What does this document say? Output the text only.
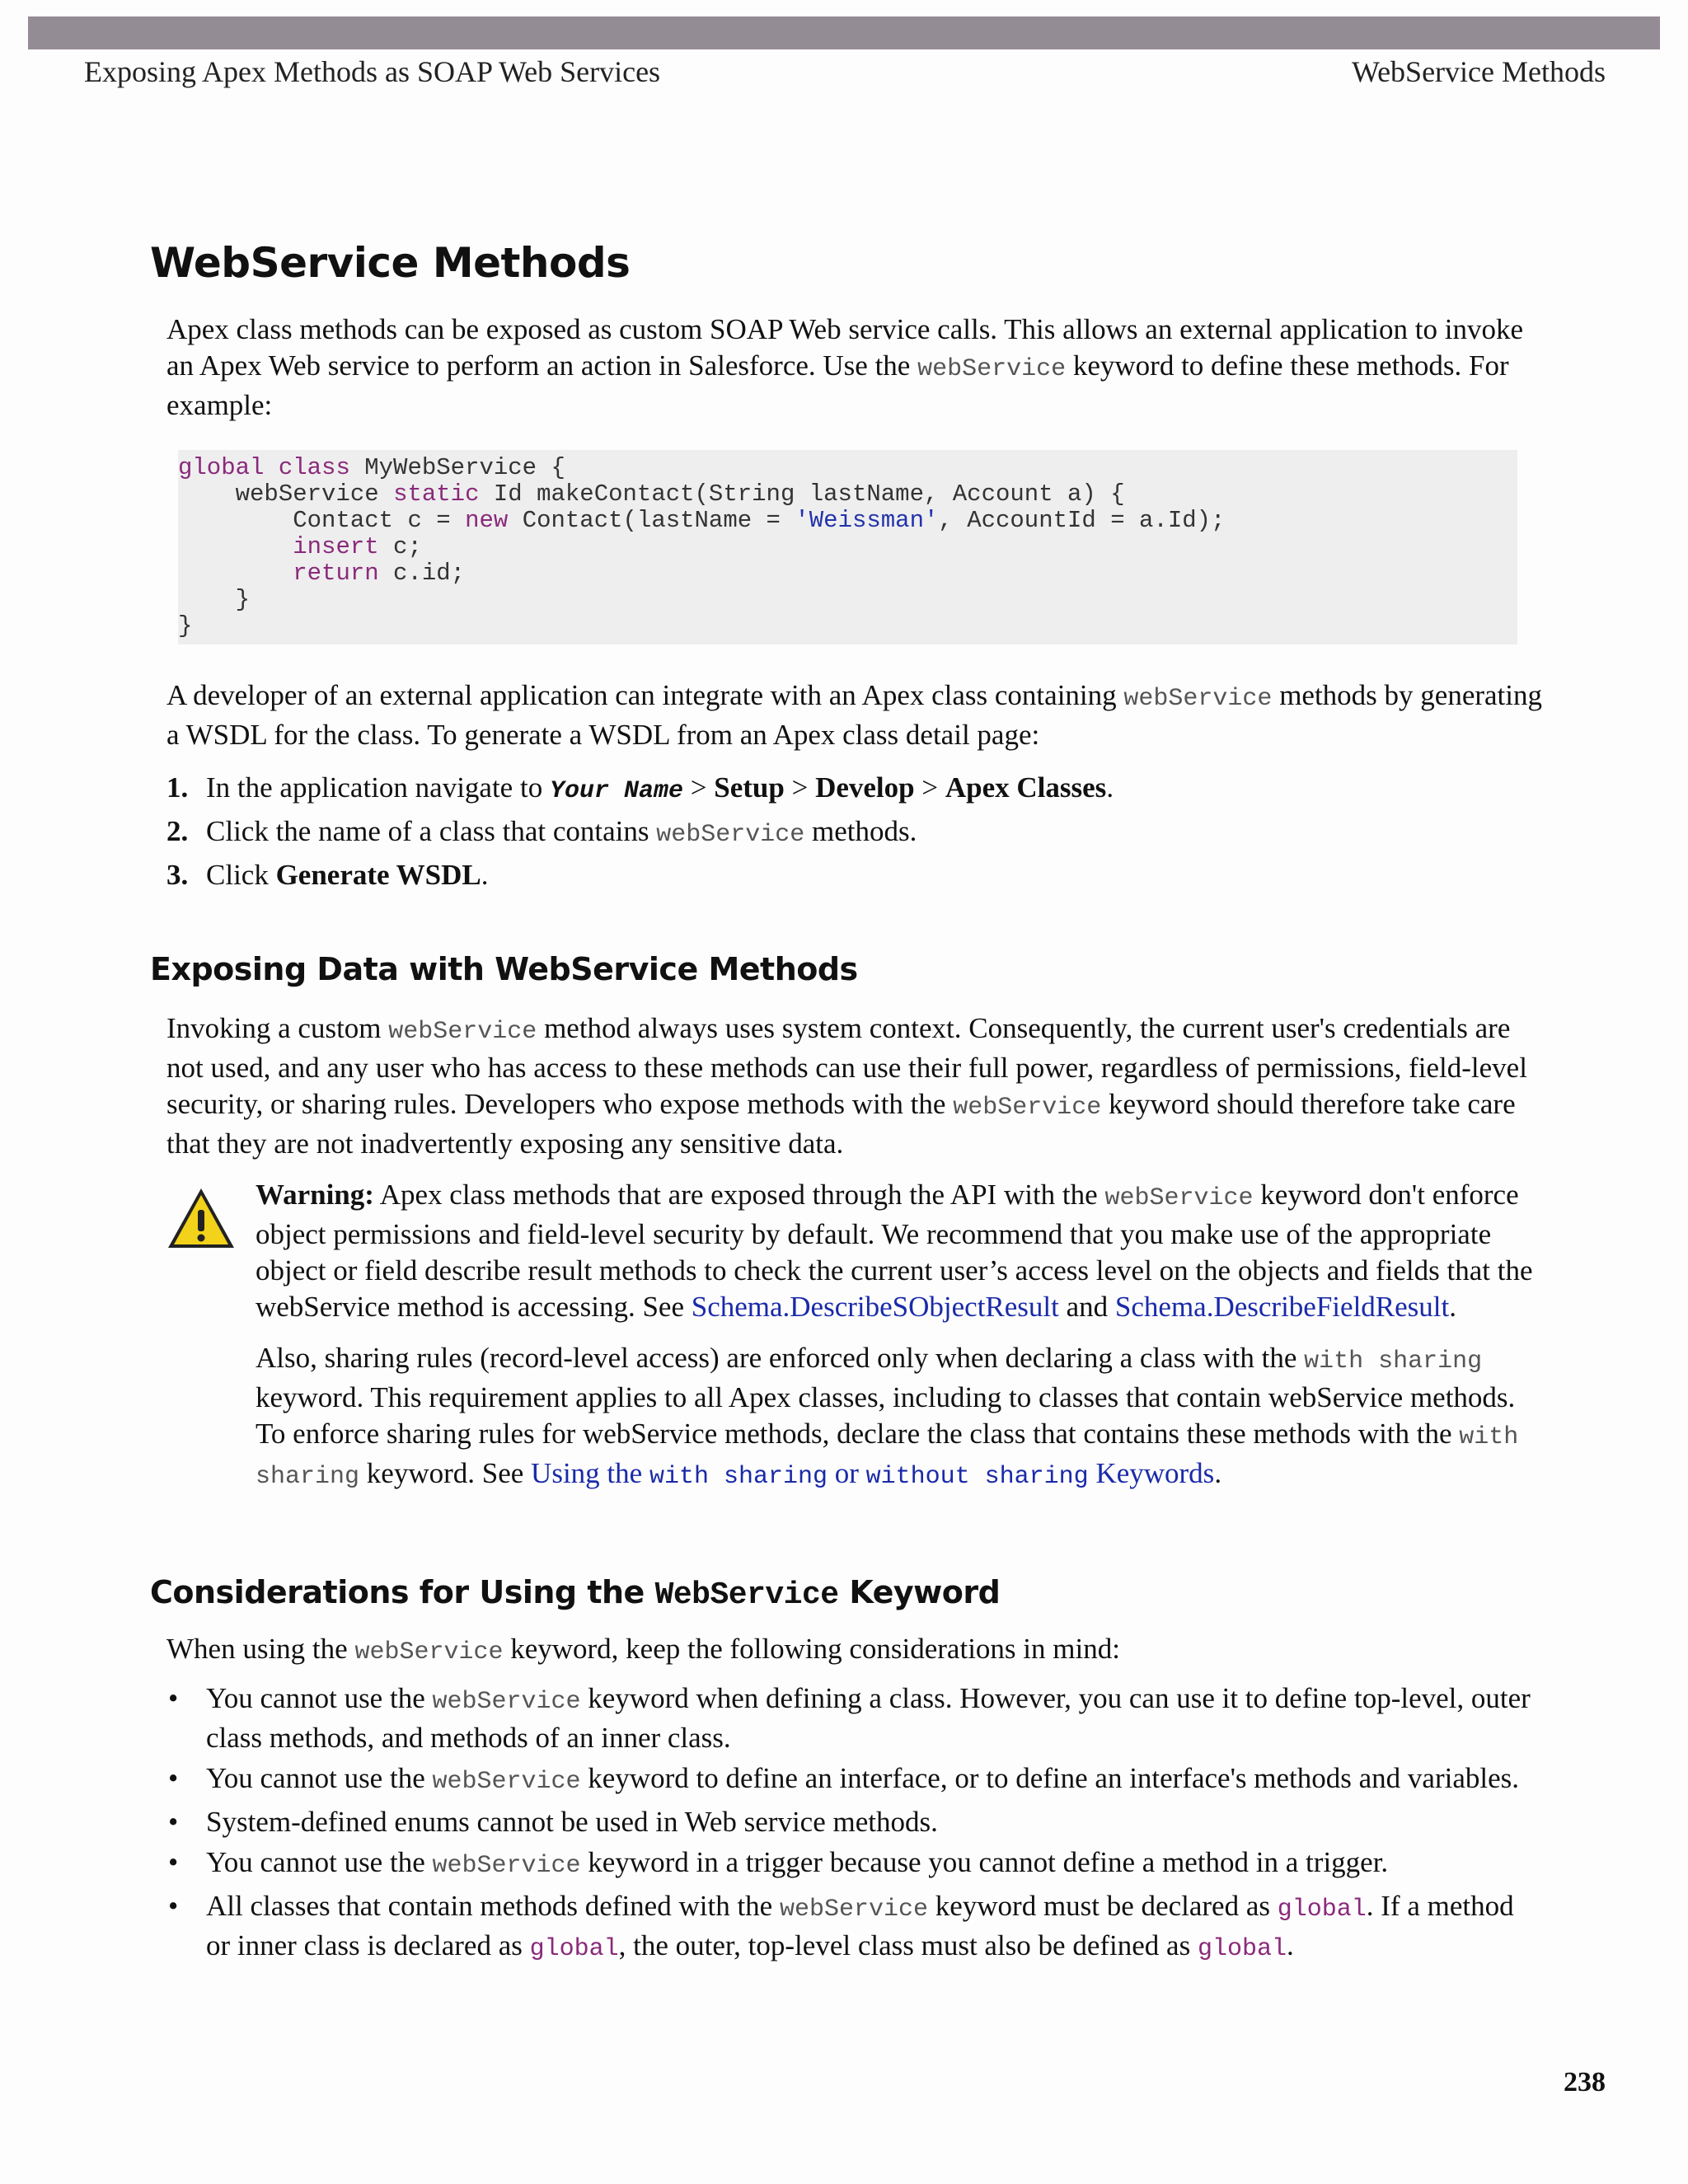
Exposing Apex Methods as SOAP Web Services	WebService Methods
WebService Methods

Apex class methods can be exposed as custom SOAP Web service calls. This allows an external application to invoke an Apex Web service to perform an action in Salesforce. Use the webService keyword to define these methods. For example:

global class MyWebService {
webService static Id makeContact(String lastName, Account a) {
Contact c = new Contact(lastName = 'Weissman', AccountId = a.Id);
insert c;
return c.id;
}
}

A developer of an external application can integrate with an Apex class containing webService methods by generating a WSDL for the class. To generate a WSDL from an Apex class detail page:

1. In the application navigate to Your Name > Setup > Develop > Apex Classes.
2. Click the name of a class that contains webService methods.
3. Click Generate WSDL.
Exposing Data with WebService Methods

Invoking a custom webService method always uses system context. Consequently, the current user's credentials are not used, and any user who has access to these methods can use their full power, regardless of permissions, field-level security, or sharing rules. Developers who expose methods with the webService keyword should therefore take care that they are not inadvertently exposing any sensitive data.

Warning: Apex class methods that are exposed through the API with the webService keyword don't enforce object permissions and field-level security by default. We recommend that you make use of the appropriate object or field describe result methods to check the current user’s access level on the objects and fields that the webService method is accessing. See Schema.DescribeSObjectResult and Schema.DescribeFieldResult.

Also, sharing rules (record-level access) are enforced only when declaring a class with the with sharing keyword. This requirement applies to all Apex classes, including to classes that contain webService methods. To enforce sharing rules for webService methods, declare the class that contains these methods with the with sharing keyword. See Using the with sharing or without sharing Keywords.

Considerations for Using the WebService Keyword

When using the webService keyword, keep the following considerations in mind:

• You cannot use the webService keyword when defining a class. However, you can use it to define top-level, outer class methods, and methods of an inner class.
• You cannot use the webService keyword to define an interface, or to define an interface's methods and variables.
• System-defined enums cannot be used in Web service methods.
• You cannot use the webService keyword in a trigger because you cannot define a method in a trigger.
• All classes that contain methods defined with the webService keyword must be declared as global. If a method or inner class is declared as global, the outer, top-level class must also be defined as global.
238
